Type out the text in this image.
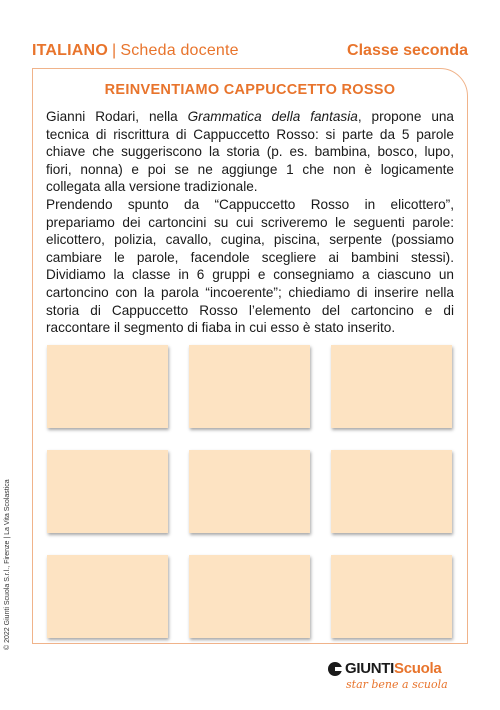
ITALIANO | Scheda docente	Classe seconda
REINVENTIAMO CAPPUCCETTO ROSSO

Gianni Rodari, nella Grammatica della fantasia, propone una tecnica di riscrittura di Cappuccetto Rosso: si parte da 5 parole chiave che suggeriscono la storia (p. es. bambina, bosco, lupo, fiori, nonna) e poi se ne aggiunge 1 che non è logicamente collegata alla versione tradizionale.

Prendendo spunto da “Cappuccetto Rosso in elicottero”, prepariamo dei cartoncini su cui scriveremo le seguenti parole: elicottero, polizia, cavallo, cugina, piscina, serpente (possiamo cambiare le parole, facendole scegliere ai bambini stessi). Dividiamo la classe in 6 gruppi e consegniamo a ciascuno un cartoncino con la parola “incoerente”; chiediamo di inserire nella storia di Cappuccetto Rosso l’elemento del cartoncino e di raccontare il segmento di fiaba in cui esso è stato inserito.

© 2022 Giunti Scuola S.r.l., Firenze | La Vita Scolastica
GIUNTI Scuola
star bene a scuola
